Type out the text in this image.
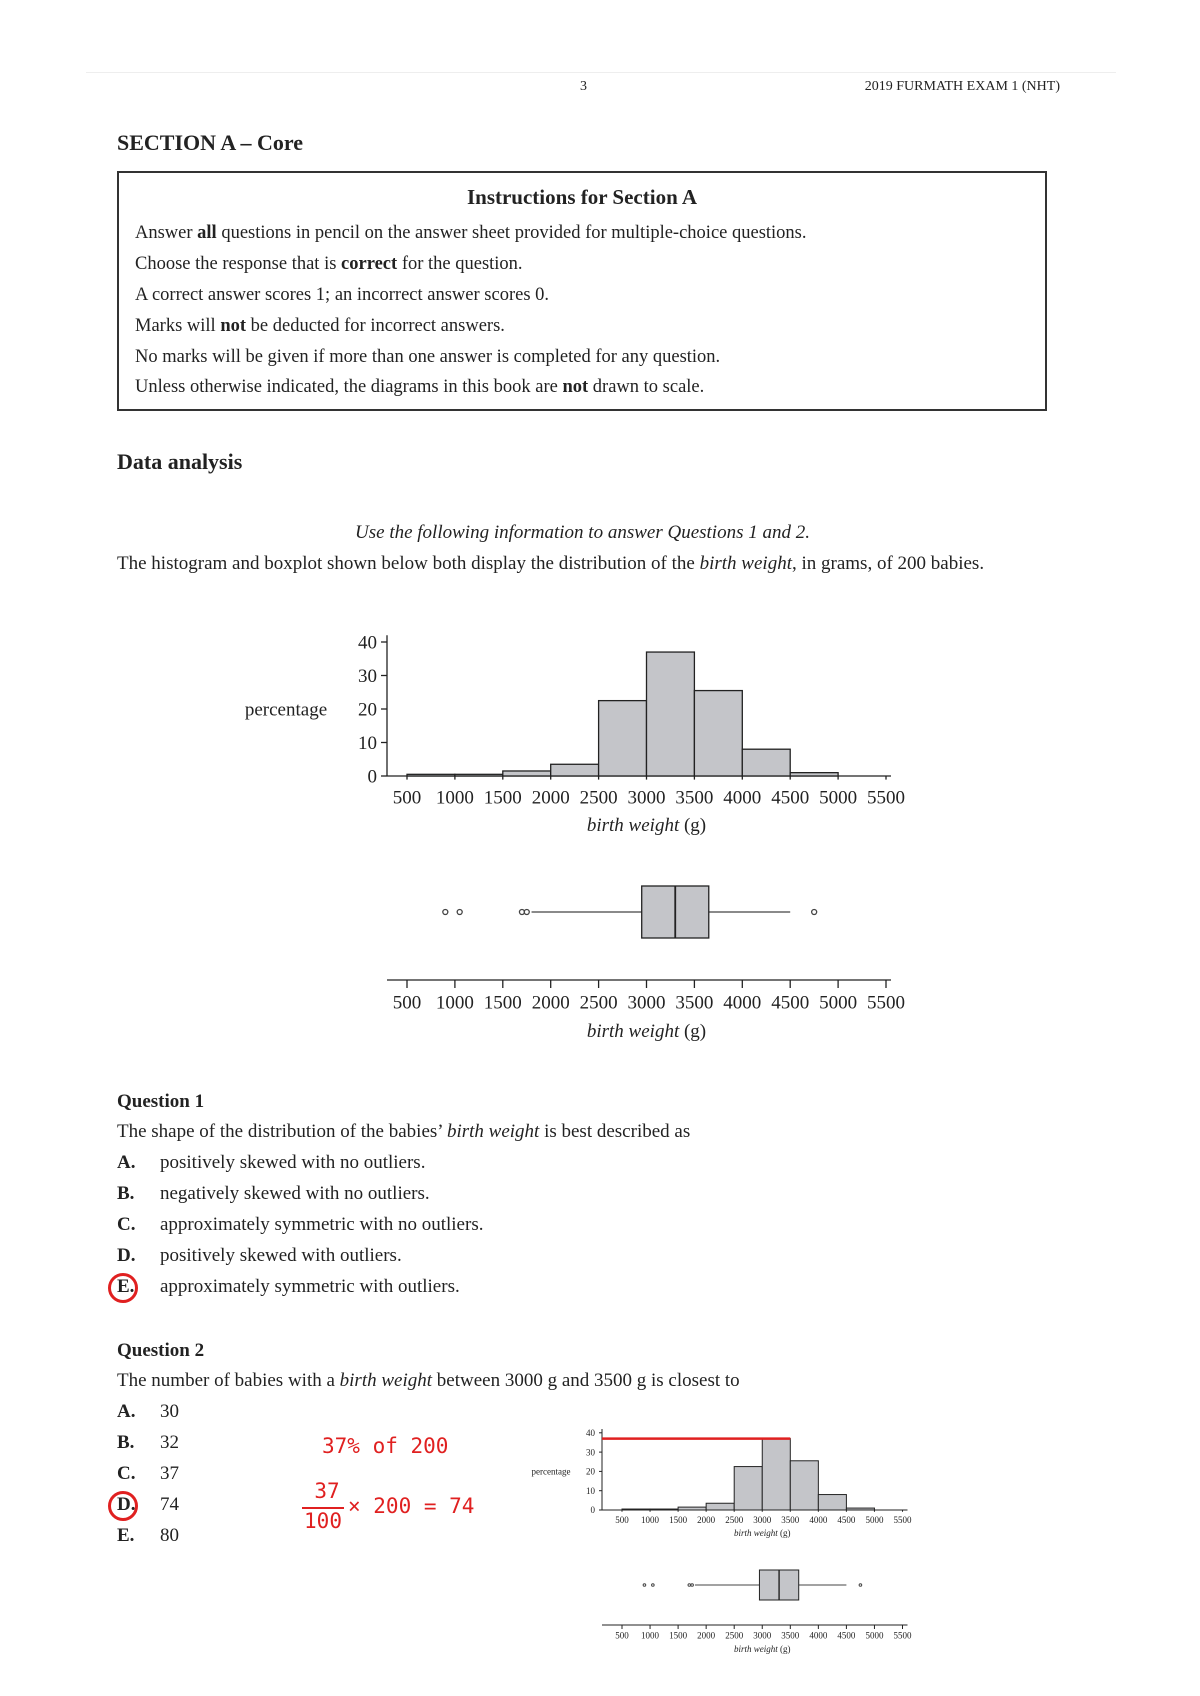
3	2019 FURMATH EXAM 1 (NHT)
SECTION A – Core
Instructions for Section A
Answer all questions in pencil on the answer sheet provided for multiple-choice questions.
Choose the response that is correct for the question.
A correct answer scores 1; an incorrect answer scores 0.
Marks will not be deducted for incorrect answers.
No marks will be given if more than one answer is completed for any question.
Unless otherwise indicated, the diagrams in this book are not drawn to scale.
Data analysis
Use the following information to answer Questions 1 and 2.
The histogram and boxplot shown below both display the distribution of the birth weight, in grams, of 200 babies.
0
10
20
30
40
percentage
500 1000 1500 2000 2500 3000 3500 4000 4500 5000 5500
birth weight (g)
500 1000 1500 2000 2500 3000 3500 4000 4500 5000 5500
birth weight (g)
Question 1
The shape of the distribution of the babies’ birth weight is best described as
A. positively skewed with no outliers.
B. negatively skewed with no outliers.
C. approximately symmetric with no outliers.
D. positively skewed with outliers.
E. approximately symmetric with outliers.
Question 2
The number of babies with a birth weight between 3000 g and 3500 g is closest to
A. 30
B. 32
C. 37
D. 74
E. 80
37% of 200
37
100
× 200 = 74	0
10
20
30
40
percentage
500 1000 1500 2000 2500 3000 3500 4000 4500 5000 5500
birth weight (g)
500 1000 1500 2000 2500 3000 3500 4000 4500 5000 5500
birth weight (g)
